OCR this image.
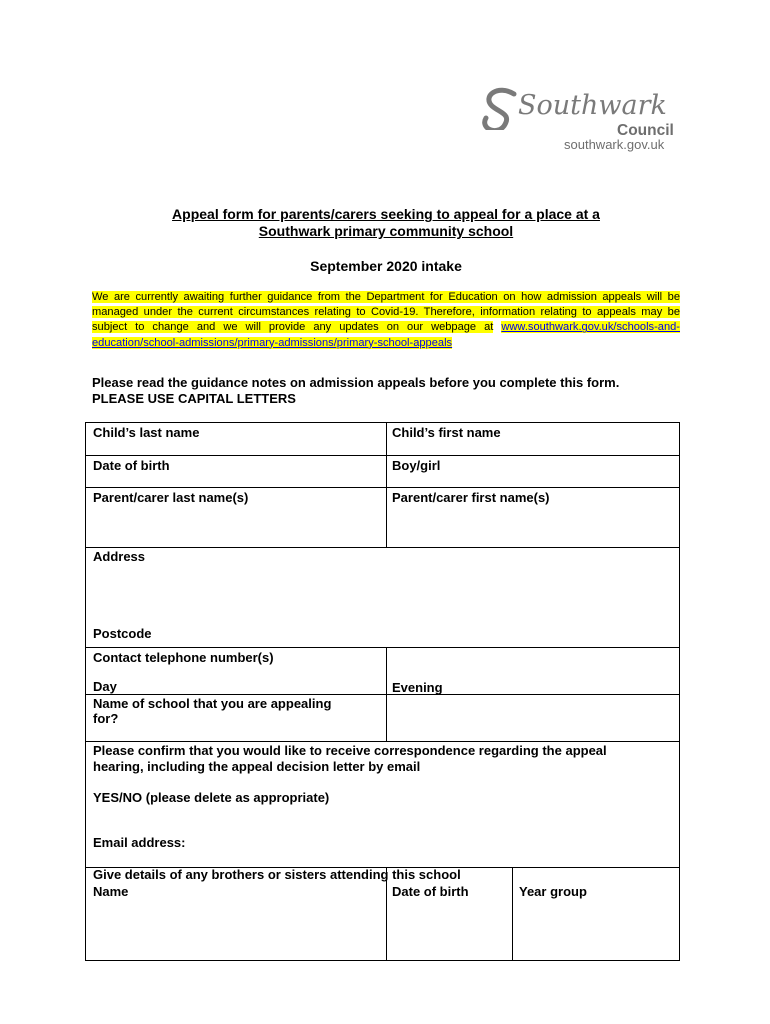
Southwark
Council
southwark.gov.uk
Appeal form for parents/carers seeking to appeal for a place at a
Southwark primary community school
September 2020 intake
We are currently awaiting further guidance from the Department for Education on how admission appeals will be managed under the current circumstances relating to Covid-19. Therefore, information relating to appeals may be subject to change and we will provide any updates on our webpage at www.southwark.gov.uk/schools-and-education/school-admissions/primary-admissions/primary-school-appeals
Please read the guidance notes on admission appeals before you complete this form.
PLEASE USE CAPITAL LETTERS
Child’s last name	Child’s first name
Date of birth	Boy/girl
Parent/carer last name(s)	Parent/carer first name(s)
Address
Postcode
Contact telephone number(s)
Day	Evening
Name of school that you are appealing
for?
Please confirm that you would like to receive correspondence regarding the appeal
hearing, including the appeal decision letter by email
YES/NO (please delete as appropriate)
Email address:
Give details of any brothers or sisters attending this school
Name	Date of birth	Year group
